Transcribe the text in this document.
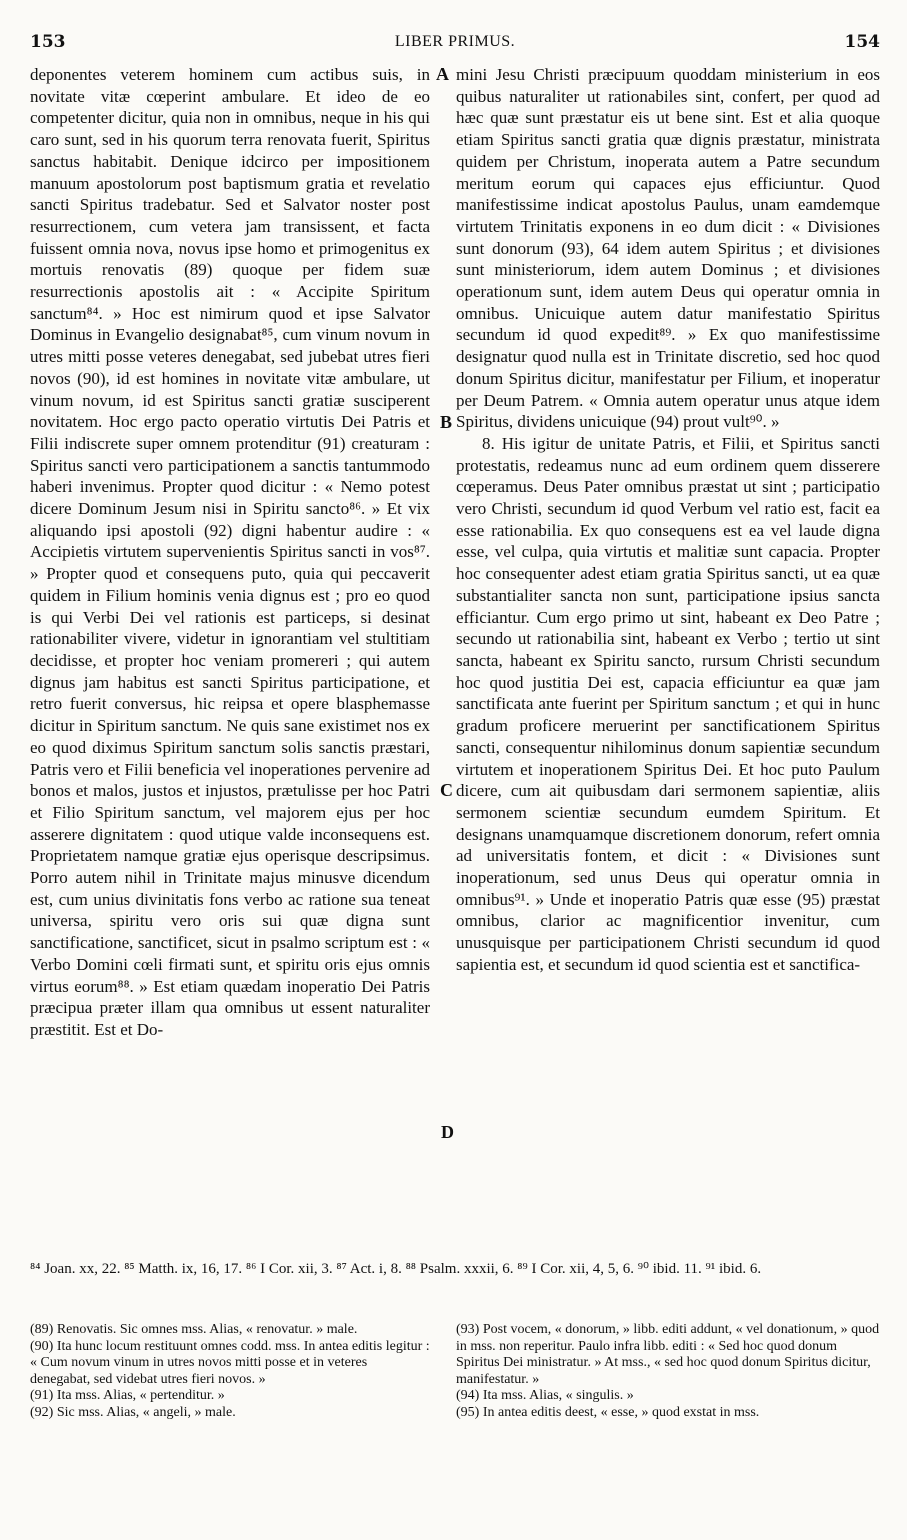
153	LIBER PRIMUS.	154

deponentes veterem hominem cum actibus suis, in novitate vitæ cœperint ambulare. Et ideo de eo competenter dicitur, quia non in omnibus, neque in his qui caro sunt, sed in his quorum terra renovata fuerit, Spiritus sanctus habitabit. Denique idcirco per impositionem manuum apostolorum post baptismum gratia et revelatio sancti Spiritus tradebatur. Sed et Salvator noster post resurrectionem, cum vetera jam transissent, et facta fuissent omnia nova, novus ipse homo et primogenitus ex mortuis renovatis (89) quoque per fidem suæ resurrectionis apostolis ait : « Accipite Spiritum sanctum⁸⁴. » Hoc est nimirum quod et ipse Salvator Dominus in Evangelio designabat⁸⁵, cum vinum novum in utres mitti posse veteres denegabat, sed jubebat utres fieri novos (90), id est homines in novitate vitæ ambulare, ut vinum novum, id est Spiritus sancti gratiæ susciperent novitatem. Hoc ergo pacto operatio virtutis Dei Patris et Filii indiscrete super omnem protenditur (91) creaturam : Spiritus sancti vero participationem a sanctis tantummodo haberi invenimus. Propter quod dicitur : « Nemo potest dicere Dominum Jesum nisi in Spiritu sancto⁸⁶. » Et vix aliquando ipsi apostoli (92) digni habentur audire : « Accipietis virtutem supervenientis Spiritus sancti in vos⁸⁷. » Propter quod et consequens puto, quia qui peccaverit quidem in Filium hominis venia dignus est ; pro eo quod is qui Verbi Dei vel rationis est particeps, si desinat rationabiliter vivere, videtur in ignorantiam vel stultitiam decidisse, et propter hoc veniam promereri ; qui autem dignus jam habitus est sancti Spiritus participatione, et retro fuerit conversus, hic reipsa et opere blasphemasse dicitur in Spiritum sanctum. Ne quis sane existimet nos ex eo quod diximus Spiritum sanctum solis sanctis præstari, Patris vero et Filii beneficia vel inoperationes pervenire ad bonos et malos, justos et injustos, prætulisse per hoc Patri et Filio Spiritum sanctum, vel majorem ejus per hoc asserere dignitatem : quod utique valde inconsequens est. Proprietatem namque gratiæ ejus operisque descripsimus. Porro autem nihil in Trinitate majus minusve dicendum est, cum unius divinitatis fons verbo ac ratione sua teneat universa, spiritu vero oris sui quæ digna sunt sanctificatione, sanctificet, sicut in psalmo scriptum est : « Verbo Domini cœli firmati sunt, et spiritu oris ejus omnis virtus eorum⁸⁸. » Est etiam quædam inoperatio Dei Patris præcipua præter illam qua omnibus ut essent naturaliter præstitit. Est et Do-

A
B
C
D

mini Jesu Christi præcipuum quoddam ministerium in eos quibus naturaliter ut rationabiles sint, confert, per quod ad hæc quæ sunt præstatur eis ut bene sint. Est et alia quoque etiam Spiritus sancti gratia quæ dignis præstatur, ministrata quidem per Christum, inoperata autem a Patre secundum meritum eorum qui capaces ejus efficiuntur. Quod manifestissime indicat apostolus Paulus, unam eamdemque virtutem Trinitatis exponens in eo dum dicit : « Divisiones sunt donorum (93), 64 idem autem Spiritus ; et divisiones sunt ministeriorum, idem autem Dominus ; et divisiones operationum sunt, idem autem Deus qui operatur omnia in omnibus. Unicuique autem datur manifestatio Spiritus secundum id quod expedit⁸⁹. » Ex quo manifestissime designatur quod nulla est in Trinitate discretio, sed hoc quod donum Spiritus dicitur, manifestatur per Filium, et inoperatur per Deum Patrem. « Omnia autem operatur unus atque idem Spiritus, dividens unicuique (94) prout vult⁹⁰. »

8. His igitur de unitate Patris, et Filii, et Spiritus sancti protestatis, redeamus nunc ad eum ordinem quem disserere cœperamus. Deus Pater omnibus præstat ut sint ; participatio vero Christi, secundum id quod Verbum vel ratio est, facit ea esse rationabilia. Ex quo consequens est ea vel laude digna esse, vel culpa, quia virtutis et malitiæ sunt capacia. Propter hoc consequenter adest etiam gratia Spiritus sancti, ut ea quæ substantialiter sancta non sunt, participatione ipsius sancta efficiantur. Cum ergo primo ut sint, habeant ex Deo Patre ; secundo ut rationabilia sint, habeant ex Verbo ; tertio ut sint sancta, habeant ex Spiritu sancto, rursum Christi secundum hoc quod justitia Dei est, capacia efficiuntur ea quæ jam sanctificata ante fuerint per Spiritum sanctum ; et qui in hunc gradum proficere meruerint per sanctificationem Spiritus sancti, consequentur nihilominus donum sapientiæ secundum virtutem et inoperationem Spiritus Dei. Et hoc puto Paulum dicere, cum ait quibusdam dari sermonem sapientiæ, aliis sermonem scientiæ secundum eumdem Spiritum. Et designans unamquamque discretionem donorum, refert omnia ad universitatis fontem, et dicit : « Divisiones sunt inoperationum, sed unus Deus qui operatur omnia in omnibus⁹¹. » Unde et inoperatio Patris quæ esse (95) præstat omnibus, clarior ac magnificentior invenitur, cum unusquisque per participationem Christi secundum id quod sapientia est, et secundum id quod scientia est et sanctifica-

⁸⁴ Joan. xx, 22. ⁸⁵ Matth. ix, 16, 17. ⁸⁶ I Cor. xii, 3. ⁸⁷ Act. i, 8. ⁸⁸ Psalm. xxxii, 6. ⁸⁹ I Cor. xii, 4, 5, 6. ⁹⁰ ibid. 11. ⁹¹ ibid. 6.

(89) Renovatis. Sic omnes mss. Alias, « renovatur. » male.

(90) Ita hunc locum restituunt omnes codd. mss. In antea editis legitur : « Cum novum vinum in utres novos mitti posse et in veteres denegabat, sed videbat utres fieri novos. »

(91) Ita mss. Alias, « pertenditur. »

(92) Sic mss. Alias, « angeli, » male.

(93) Post vocem, « donorum, » libb. editi addunt, « vel donationum, » quod in mss. non reperitur. Paulo infra libb. editi : « Sed hoc quod donum Spiritus Dei ministratur. » At mss., « sed hoc quod donum Spiritus dicitur, manifestatur. »

(94) Ita mss. Alias, « singulis. »

(95) In antea editis deest, « esse, » quod exstat in mss.
